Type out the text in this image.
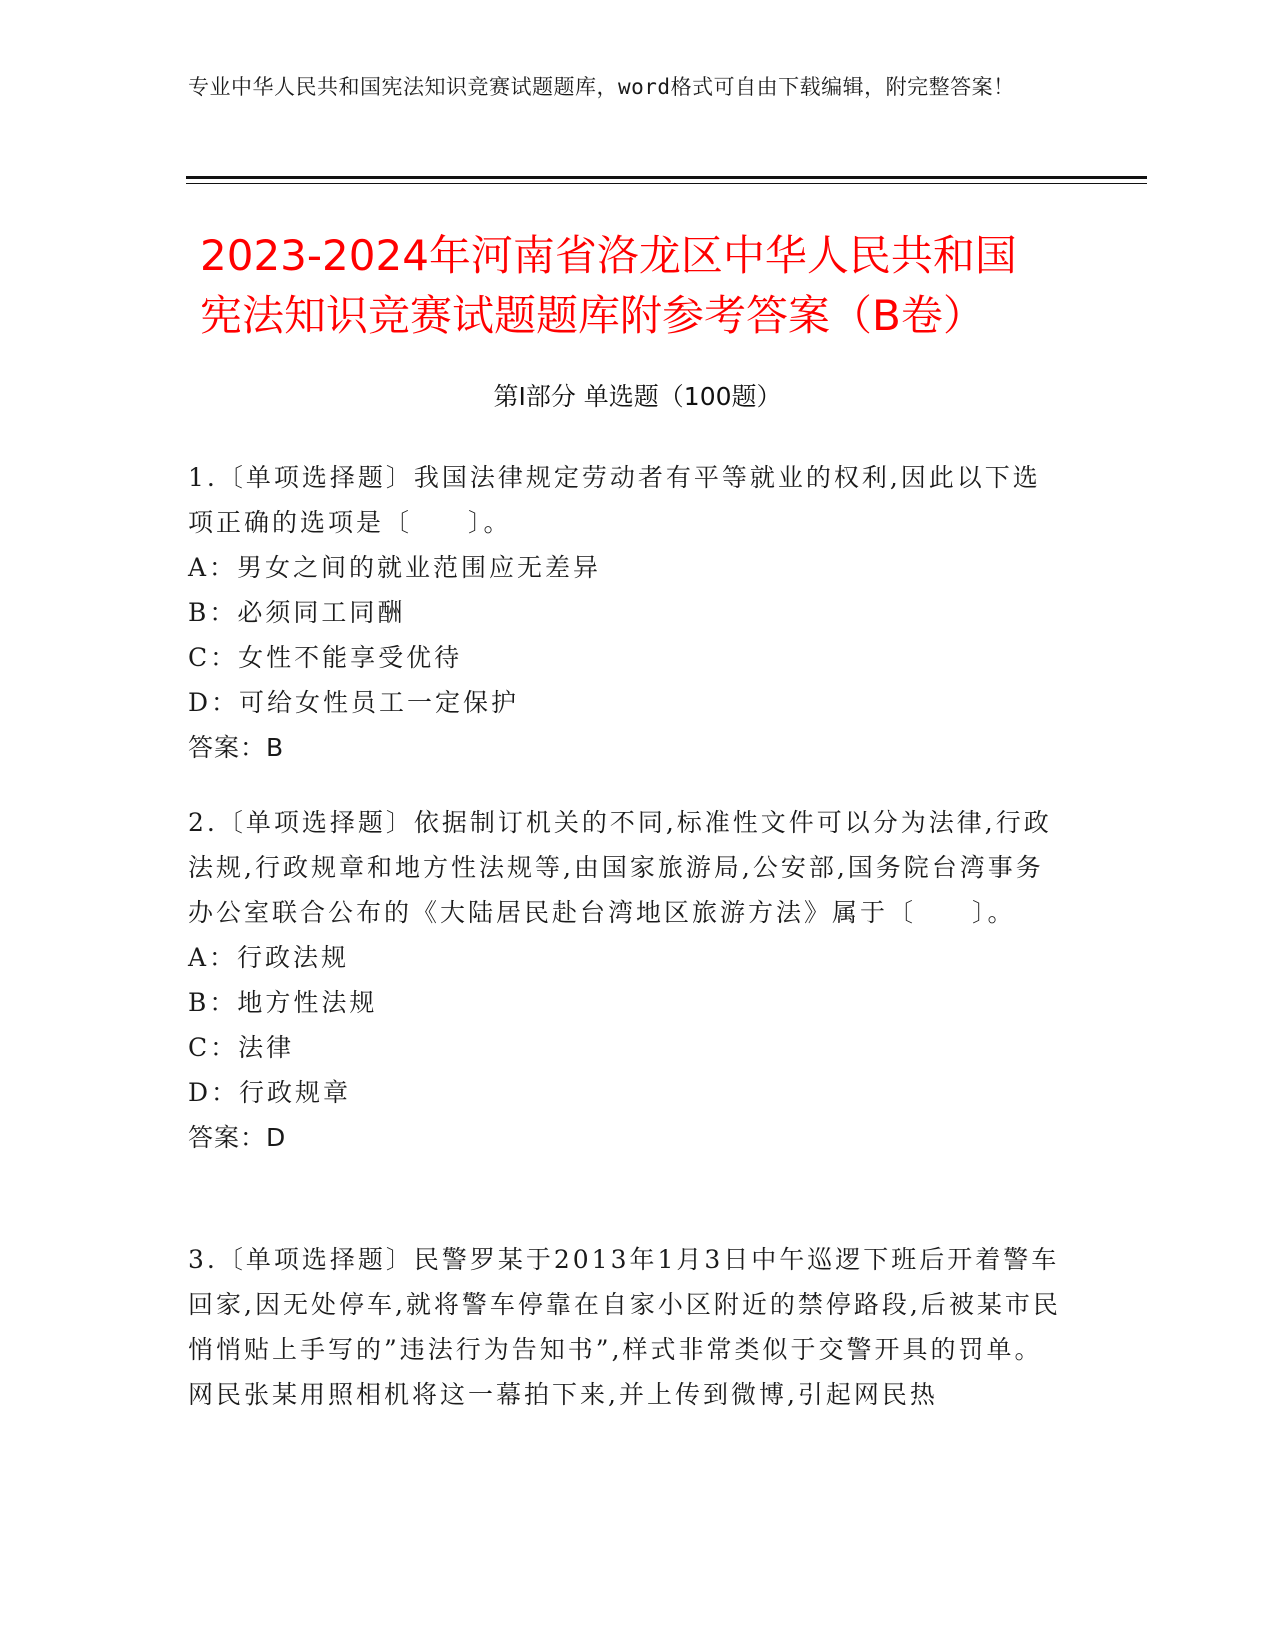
专业中华人民共和国宪法知识竞赛试题题库，word格式可自由下载编辑，附完整答案！
2023-2024年河南省洛龙区中华人民共和国
宪法知识竞赛试题题库附参考答案（B卷）
第Ⅰ部分 单选题（100题）

1.〔单项选择题〕我国法律规定劳动者有平等就业的权利,因此以下选项正确的选项是〔　　〕。

A：男女之间的就业范围应无差异

B：必须同工同酬

C：女性不能享受优待

D：可给女性员工一定保护

答案：B

2.〔单项选择题〕依据制订机关的不同,标准性文件可以分为法律,行政法规,行政规章和地方性法规等,由国家旅游局,公安部,国务院台湾事务办公室联合公布的《大陆居民赴台湾地区旅游方法》属于〔　　〕。

A：行政法规

B：地方性法规

C：法律

D：行政规章

答案：D

3.〔单项选择题〕民警罗某于2013年1月3日中午巡逻下班后开着警车回家,因无处停车,就将警车停靠在自家小区附近的禁停路段,后被某市民悄悄贴上手写的”违法行为告知书”,样式非常类似于交警开具的罚单。网民张某用照相机将这一幕拍下来,并上传到微博,引起网民热
